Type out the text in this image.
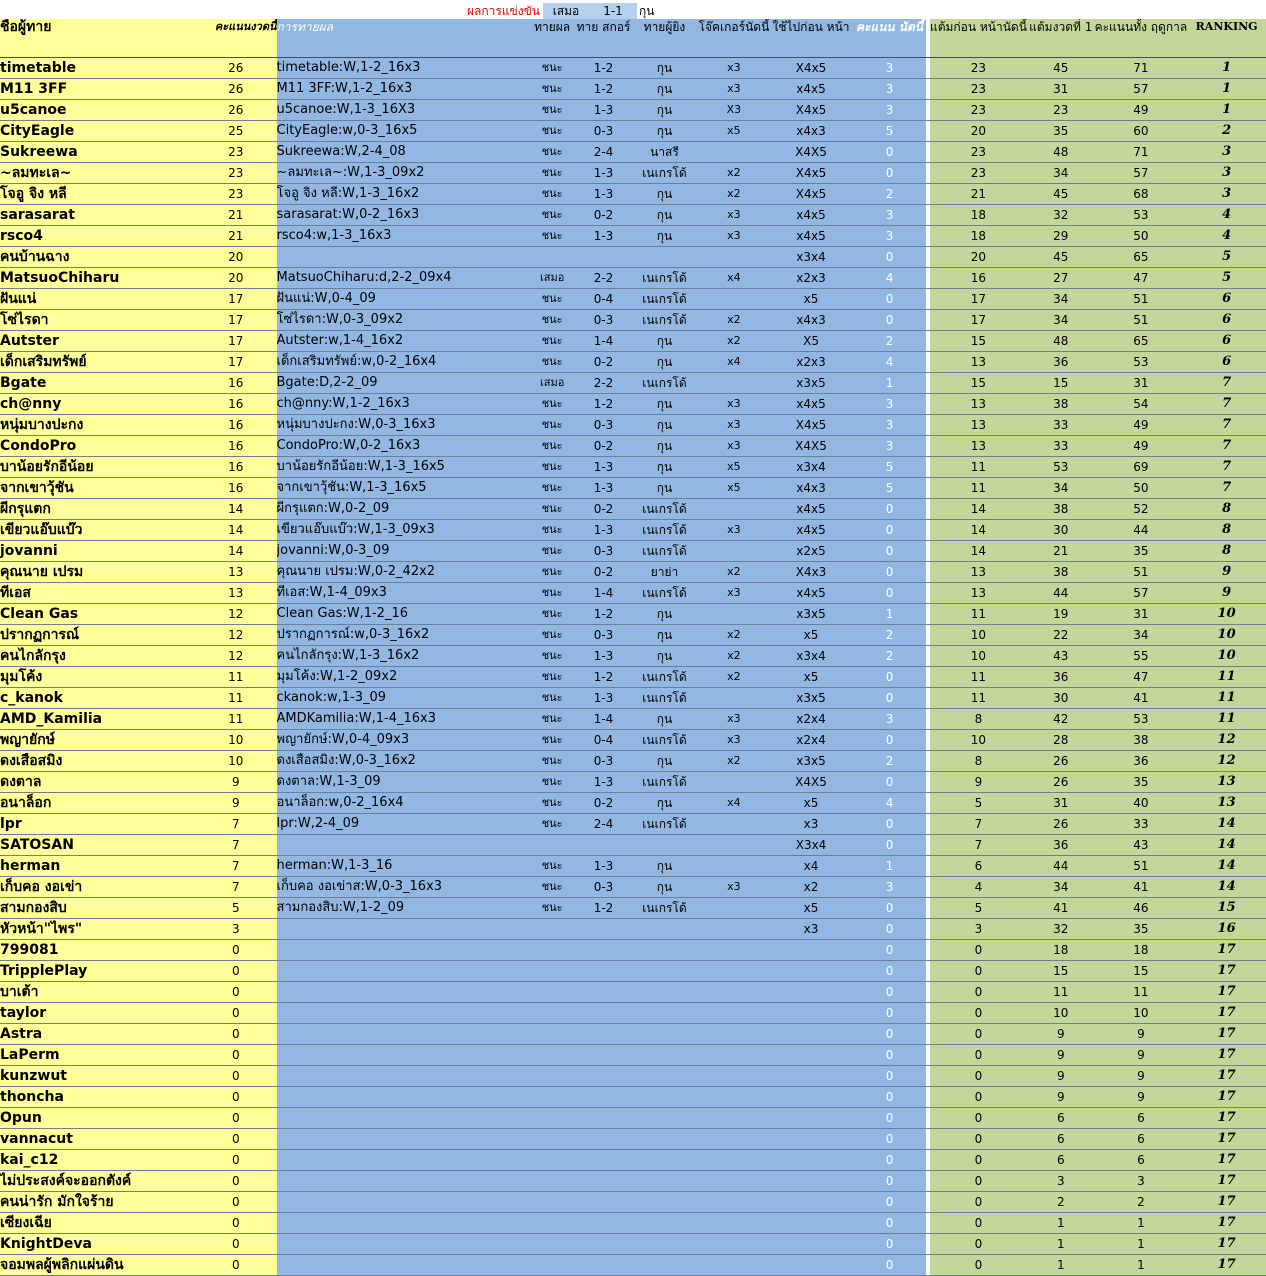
ผลการแข่งขัน	เสมอ	1-1	กุน
ชื่อผู้ทาย	คะแนนงวดนี้	การทายผล	ทายผล	ทาย สกอร์	ทายผู้ยิง	โจ๊คเกอร์นัดนี้	ใช้ไปก่อน หน้า	คะแนน นัดนี้		แต้มก่อน หน้านัดนี้	แต้มงวดที่ 1	คะแนนทั้ง ฤดูกาล	RANKING
timetable	26	timetable:W,1-2_16x3	ชนะ	1-2	กุน	x3	X4x5	3		23	45	71	1
M11 3FF	26	M11 3FF:W,1-2_16x3	ชนะ	1-2	กุน	x3	x4x5	3		23	31	57	1
u5canoe	26	u5canoe:W,1-3_16X3	ชนะ	1-3	กุน	X3	X4x5	3		23	23	49	1
CityEagle	25	CityEagle:w,0-3_16x5	ชนะ	0-3	กุน	x5	x4x3	5		20	35	60	2
Sukreewa	23	Sukreewa:W,2-4_08	ชนะ	2-4	นาสรี		X4X5	0		23	48	71	3
~ลมทะเล~	23	~ลมทะเล~:W,1-3_09x2	ชนะ	1-3	เนเกรโด้	x2	X4x5	0		23	34	57	3
โจอู จิง หลี	23	โจอู จิง หลี:W,1-3_16x2	ชนะ	1-3	กุน	x2	X4x5	2		21	45	68	3
sarasarat	21	sarasarat:W,0-2_16x3	ชนะ	0-2	กุน	x3	x4x5	3		18	32	53	4
rsco4	21	rsco4:w,1-3_16x3	ชนะ	1-3	กุน	x3	x4x5	3		18	29	50	4
คนบ้านฉาง	20						x3x4	0		20	45	65	5
MatsuoChiharu	20	MatsuoChiharu:d,2-2_09x4	เสมอ	2-2	เนเกรโด้	x4	x2x3	4		16	27	47	5
ฝันแน่	17	ฝันแน่:W,0-4_09	ชนะ	0-4	เนเกรโด้		x5	0		17	34	51	6
โซ่ไรดา	17	โซ่ไรดา:W,0-3_09x2	ชนะ	0-3	เนเกรโด้	x2	x4x3	0		17	34	51	6
Autster	17	Autster:w,1-4_16x2	ชนะ	1-4	กุน	x2	X5	2		15	48	65	6
เด็กเสริมทรัพย์	17	เด็กเสริมทรัพย์:w,0-2_16x4	ชนะ	0-2	กุน	x4	x2x3	4		13	36	53	6
Bgate	16	Bgate:D,2-2_09	เสมอ	2-2	เนเกรโด้		x3x5	1		15	15	31	7
ch@nny	16	ch@nny:W,1-2_16x3	ชนะ	1-2	กุน	x3	x4x5	3		13	38	54	7
หนุ่มบางปะกง	16	หนุ่มบางปะกง:W,0-3_16x3	ชนะ	0-3	กุน	x3	X4x5	3		13	33	49	7
CondoPro	16	CondoPro:W,0-2_16x3	ชนะ	0-2	กุน	x3	X4X5	3		13	33	49	7
บาน้อยรักอีน้อย	16	บาน้อยรักอีน้อย:W,1-3_16x5	ชนะ	1-3	กุน	x5	x3x4	5		11	53	69	7
จากเขาวุ้ชัน	16	จากเขาวุ้ชัน:W,1-3_16x5	ชนะ	1-3	กุน	x5	x4x3	5		11	34	50	7
ผีกรุแตก	14	ผีกรุแตก:W,0-2_09	ชนะ	0-2	เนเกรโด้		x4x5	0		14	38	52	8
เขียวแอ๊บแบ๊ว	14	เขียวแอ๊บแบ๊ว:W,1-3_09x3	ชนะ	1-3	เนเกรโด้	x3	x4x5	0		14	30	44	8
jovanni	14	jovanni:W,0-3_09	ชนะ	0-3	เนเกรโด้		x2x5	0		14	21	35	8
คุณนาย เปรม	13	คุณนาย เปรม:W,0-2_42x2	ชนะ	0-2	ยาย่า	x2	X4x3	0		13	38	51	9
ทีเอส	13	ทีเอส:W,1-4_09x3	ชนะ	1-4	เนเกรโด้	x3	x4x5	0		13	44	57	9
Clean Gas	12	Clean Gas:W,1-2_16	ชนะ	1-2	กุน		x3x5	1		11	19	31	10
ปรากฏการณ์	12	ปรากฏการณ์:w,0-3_16x2	ชนะ	0-3	กุน	x2	x5	2		10	22	34	10
คนไกลักรุง	12	คนไกลักรุง:W,1-3_16x2	ชนะ	1-3	กุน	x2	x3x4	2		10	43	55	10
มุมโค้ง	11	มุมโค้ง:W,1-2_09x2	ชนะ	1-2	เนเกรโด้	x2	x5	0		11	36	47	11
c_kanok	11	ckanok:w,1-3_09	ชนะ	1-3	เนเกรโด้		x3x5	0		11	30	41	11
AMD_Kamilia	11	AMDKamilia:W,1-4_16x3	ชนะ	1-4	กุน	x3	x2x4	3		8	42	53	11
พญายักษ์	10	พญายักษ์:W,0-4_09x3	ชนะ	0-4	เนเกรโด้	x3	x2x4	0		10	28	38	12
ดงเสือสมิง	10	ดงเสือสมิง:W,0-3_16x2	ชนะ	0-3	กุน	x2	x3x5	2		8	26	36	12
ดงตาล	9	ดงตาล:W,1-3_09	ชนะ	1-3	เนเกรโด้		X4X5	0		9	26	35	13
อนาล็อก	9	อนาล็อก:w,0-2_16x4	ชนะ	0-2	กุน	x4	x5	4		5	31	40	13
lpr	7	lpr:W,2-4_09	ชนะ	2-4	เนเกรโด้		x3	0		7	26	33	14
SATOSAN	7						X3x4	0		7	36	43	14
herman	7	herman:W,1-3_16	ชนะ	1-3	กุน		x4	1		6	44	51	14
เก็บคอ งอเข่า	7	เก็บคอ งอเข่าส:W,0-3_16x3	ชนะ	0-3	กุน	x3	x2	3		4	34	41	14
สามกองสิบ	5	สามกองสิบ:W,1-2_09	ชนะ	1-2	เนเกรโด้		x5	0		5	41	46	15
หัวหน้า"ไพร"	3						x3	0		3	32	35	16
799081	0							0		0	18	18	17
TripplePlay	0							0		0	15	15	17
บาเต้า	0							0		0	11	11	17
taylor	0							0		0	10	10	17
Astra	0							0		0	9	9	17
LaPerm	0							0		0	9	9	17
kunzwut	0							0		0	9	9	17
thoncha	0							0		0	9	9	17
Opun	0							0		0	6	6	17
vannacut	0							0		0	6	6	17
kai_c12	0							0		0	6	6	17
ไม่ประสงค์จะออกตังค์	0							0		0	3	3	17
คนน่ารัก มักใจร้าย	0							0		0	2	2	17
เซียงเฉีย	0							0		0	1	1	17
KnightDeva	0							0		0	1	1	17
จอมพลผู้พลิกแผ่นดิน	0							0		0	1	1	17
